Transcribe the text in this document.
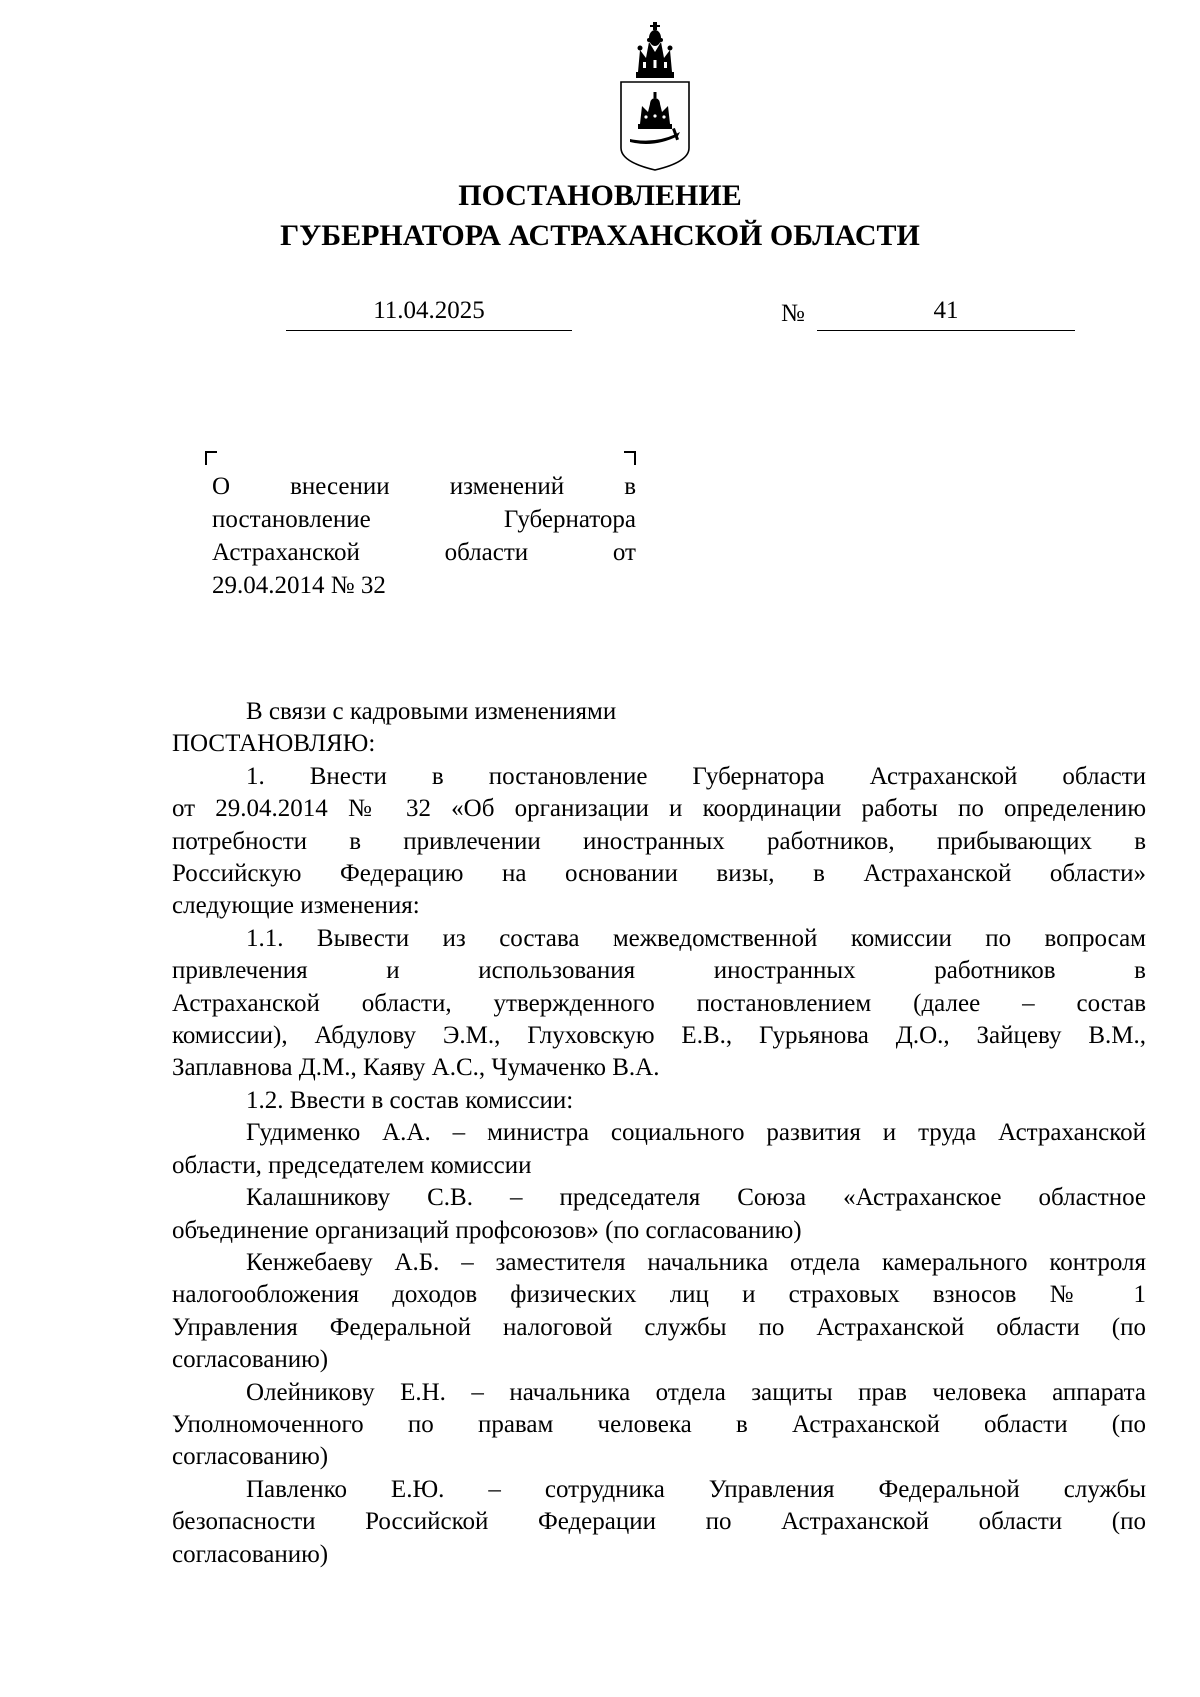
ПОСТАНОВЛЕНИЕ
ГУБЕРНАТОРА АСТРАХАНСКОЙ ОБЛАСТИ
11.04.2025	№	41
О внесении изменений в
постановление Губернатора
Астраханской области от
29.04.2014 № 32
В связи с кадровыми изменениями
ПОСТАНОВЛЯЮ:
1. Внести в постановление Губернатора Астраханской области
от 29.04.2014 № 32 «Об организации и координации работы по определению
потребности в привлечении иностранных работников, прибывающих в
Российскую Федерацию на основании визы, в Астраханской области»
следующие изменения:
1.1. Вывести из состава межведомственной комиссии по вопросам
привлечения и использования иностранных работников в
Астраханской области, утвержденного постановлением (далее – состав
комиссии), Абдулову Э.М., Глуховскую Е.В., Гурьянова Д.О., Зайцеву В.М.,
Заплавнова Д.М., Каяву А.С., Чумаченко В.А.
1.2. Ввести в состав комиссии:
Гудименко А.А. – министра социального развития и труда Астраханской
области, председателем комиссии
Калашникову С.В. – председателя Союза «Астраханское областное
объединение организаций профсоюзов» (по согласованию)
Кенжебаеву А.Б. – заместителя начальника отдела камерального контроля
налогообложения доходов физических лиц и страховых взносов № 1
Управления Федеральной налоговой службы по Астраханской области (по
согласованию)
Олейникову Е.Н. – начальника отдела защиты прав человека аппарата
Уполномоченного по правам человека в Астраханской области (по
согласованию)
Павленко Е.Ю. – сотрудника Управления Федеральной службы
безопасности Российской Федерации по Астраханской области (по
согласованию)
